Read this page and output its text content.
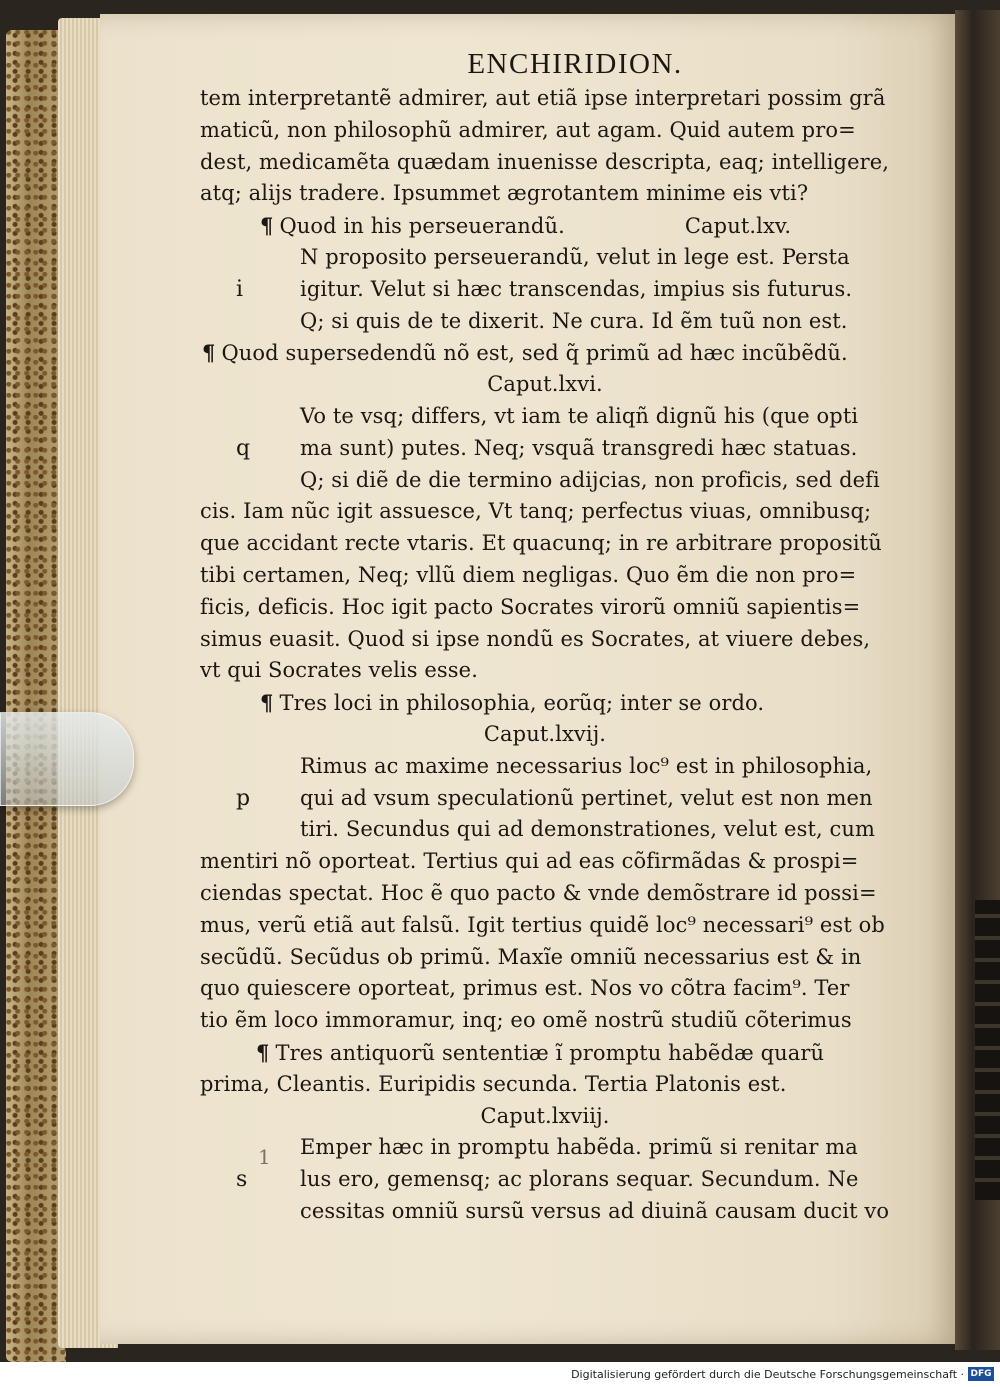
ENCHIRIDION.
tem interpretantẽ admirer, aut etiã ipse interpretari possim grã
maticũ, non philosophũ admirer, aut agam. Quid autem pro=
dest, medicamẽta quædam inuenisse descripta, eaq; intelligere,
atq; alijs tradere. Ipsummet ægrotantem minime eis vti?
¶ Quod in his perseuerandũ.	Caput.lxv.
N proposito perseuerandũ, velut in lege est. Persta
i	igitur. Velut si hæc transcendas, impius sis futurus.
Q; si quis de te dixerit. Ne cura. Id ẽm tuũ non est.
¶ Quod supersedendũ nõ est, sed q̃ primũ ad hæc incũbẽdũ.
Caput.lxvi.
Vo te vsq; differs, vt iam te aliqñ dignũ his (que opti
q ma sunt) putes. Neq; vsquã transgredi hæc statuas.
Q; si diẽ de die termino adijcias, non proficis, sed defi
cis. Iam nũc igit assuesce, Vt tanq; perfectus viuas, omnibusq;
que accidant recte vtaris. Et quacunq; in re arbitrare propositũ
tibi certamen, Neq; vllũ diem negligas. Quo ẽm die non pro=
ficis, deficis. Hoc igit pacto Socrates virorũ omniũ sapientis=
simus euasit. Quod si ipse nondũ es Socrates, at viuere debes,
vt qui Socrates velis esse.
¶ Tres loci in philosophia, eorũq; inter se ordo.
Caput.lxvij.
Rimus ac maxime necessarius loc⁹ est in philosophia,
p qui ad vsum speculationũ pertinet, velut est non men
tiri. Secundus qui ad demonstrationes, velut est, cum
mentiri nõ oporteat. Tertius qui ad eas cõfirmãdas & prospi=
ciendas spectat. Hoc ẽ quo pacto & vnde demõstrare id possi=
mus, verũ etiã aut falsũ. Igit tertius quidẽ loc⁹ necessari⁹ est ob
secũdũ. Secũdus ob primũ. Maxĩe omniũ necessarius est & in
quo quiescere oporteat, primus est. Nos vo cõtra facim⁹. Ter
tio ẽm loco immoramur, inq; eo omẽ nostrũ studiũ cõterimus
¶ Tres antiquorũ sententiæ ĩ promptu habẽdæ quarũ
prima, Cleantis. Euripidis secunda. Tertia Platonis est.
Caput.lxviij.
Emper hæc in promptu habẽda. primũ si renitar ma
s	lus ero, gemensq; ac plorans sequar. Secundum. Ne
cessitas omniũ sursũ versus ad diuinã causam ducit vo
1
Digitalisierung gefördert durch die Deutsche Forschungsgemeinschaft · DFG
